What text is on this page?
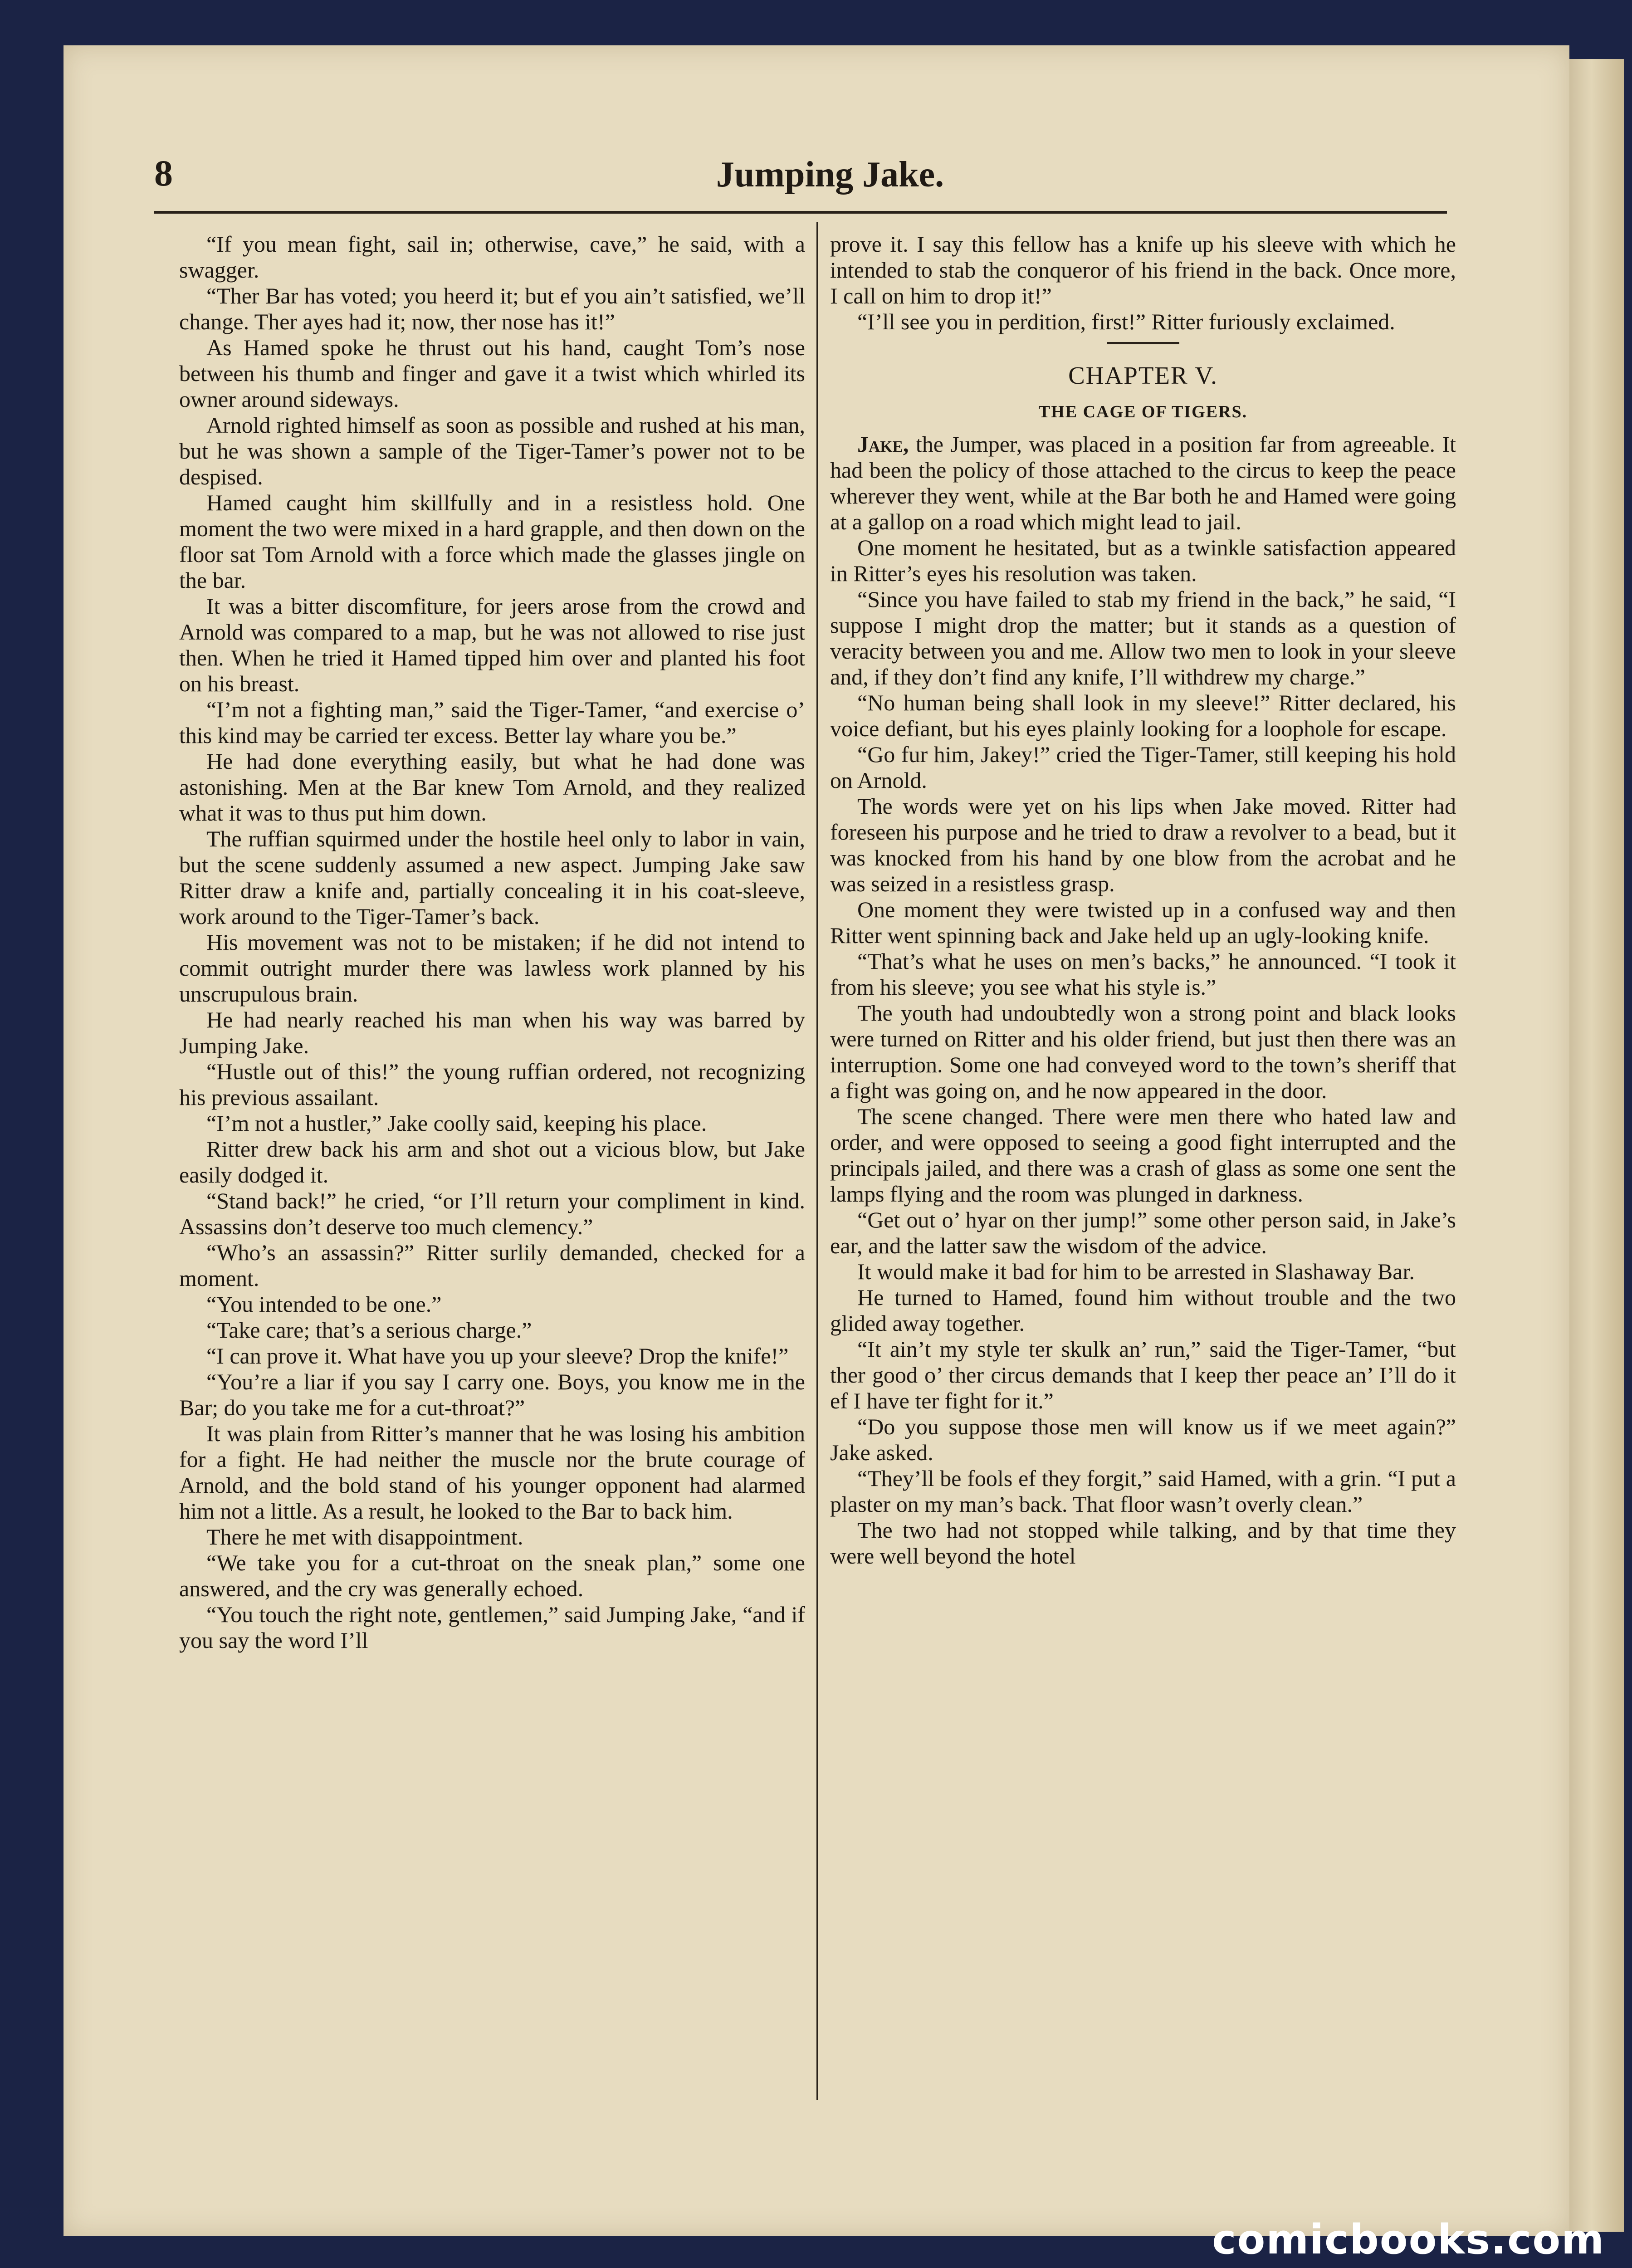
8	Jumping Jake.

“If you mean fight, sail in; otherwise, cave,” he said, with a swagger.

“Ther Bar has voted; you heerd it; but ef you ain’t satisfied, we’ll change. Ther ayes had it; now, ther nose has it!”

As Hamed spoke he thrust out his hand, caught Tom’s nose between his thumb and finger and gave it a twist which whirled its owner around sideways.

Arnold righted himself as soon as possible and rushed at his man, but he was shown a sample of the Tiger-Tamer’s power not to be despised.

Hamed caught him skillfully and in a resistless hold. One moment the two were mixed in a hard grapple, and then down on the floor sat Tom Arnold with a force which made the glasses jingle on the bar.

It was a bitter discomfiture, for jeers arose from the crowd and Arnold was compared to a map, but he was not allowed to rise just then. When he tried it Hamed tipped him over and planted his foot on his breast.

“I’m not a fighting man,” said the Tiger-Tamer, “and exercise o’ this kind may be carried ter excess. Better lay whare you be.”

He had done everything easily, but what he had done was astonishing. Men at the Bar knew Tom Arnold, and they realized what it was to thus put him down.

The ruffian squirmed under the hostile heel only to labor in vain, but the scene suddenly assumed a new aspect. Jumping Jake saw Ritter draw a knife and, partially concealing it in his coat-sleeve, work around to the Tiger-Tamer’s back.

His movement was not to be mistaken; if he did not intend to commit outright murder there was lawless work planned by his unscrupulous brain.

He had nearly reached his man when his way was barred by Jumping Jake.

“Hustle out of this!” the young ruffian ordered, not recognizing his previous assailant.

“I’m not a hustler,” Jake coolly said, keeping his place.

Ritter drew back his arm and shot out a vicious blow, but Jake easily dodged it.

“Stand back!” he cried, “or I’ll return your compliment in kind. Assassins don’t deserve too much clemency.”

“Who’s an assassin?” Ritter surlily demanded, checked for a moment.

“You intended to be one.”

“Take care; that’s a serious charge.”

“I can prove it. What have you up your sleeve? Drop the knife!”

“You’re a liar if you say I carry one. Boys, you know me in the Bar; do you take me for a cut-throat?”

It was plain from Ritter’s manner that he was losing his ambition for a fight. He had neither the muscle nor the brute courage of Arnold, and the bold stand of his younger opponent had alarmed him not a little. As a result, he looked to the Bar to back him.

There he met with disappointment.

“We take you for a cut-throat on the sneak plan,” some one answered, and the cry was generally echoed.

“You touch the right note, gentlemen,” said Jumping Jake, “and if you say the word I’ll

prove it. I say this fellow has a knife up his sleeve with which he intended to stab the conqueror of his friend in the back. Once more, I call on him to drop it!”

“I’ll see you in perdition, first!” Ritter furiously exclaimed.

CHAPTER V.
THE CAGE OF TIGERS.

Jake, the Jumper, was placed in a position far from agreeable. It had been the policy of those attached to the circus to keep the peace wherever they went, while at the Bar both he and Hamed were going at a gallop on a road which might lead to jail.

One moment he hesitated, but as a twinkle satisfaction appeared in Ritter’s eyes his resolution was taken.

“Since you have failed to stab my friend in the back,” he said, “I suppose I might drop the matter; but it stands as a question of veracity between you and me. Allow two men to look in your sleeve and, if they don’t find any knife, I’ll withdrew my charge.”

“No human being shall look in my sleeve!” Ritter declared, his voice defiant, but his eyes plainly looking for a loophole for escape.

“Go fur him, Jakey!” cried the Tiger-Tamer, still keeping his hold on Arnold.

The words were yet on his lips when Jake moved. Ritter had foreseen his purpose and he tried to draw a revolver to a bead, but it was knocked from his hand by one blow from the acrobat and he was seized in a resistless grasp.

One moment they were twisted up in a confused way and then Ritter went spinning back and Jake held up an ugly-looking knife.

“That’s what he uses on men’s backs,” he announced. “I took it from his sleeve; you see what his style is.”

The youth had undoubtedly won a strong point and black looks were turned on Ritter and his older friend, but just then there was an interruption. Some one had conveyed word to the town’s sheriff that a fight was going on, and he now appeared in the door.

The scene changed. There were men there who hated law and order, and were opposed to seeing a good fight interrupted and the principals jailed, and there was a crash of glass as some one sent the lamps flying and the room was plunged in darkness.

“Get out o’ hyar on ther jump!” some other person said, in Jake’s ear, and the latter saw the wisdom of the advice.

It would make it bad for him to be arrested in Slashaway Bar.

He turned to Hamed, found him without trouble and the two glided away together.

“It ain’t my style ter skulk an’ run,” said the Tiger-Tamer, “but ther good o’ ther circus demands that I keep ther peace an’ I’ll do it ef I have ter fight for it.”

“Do you suppose those men will know us if we meet again?” Jake asked.

“They’ll be fools ef they forgit,” said Hamed, with a grin. “I put a plaster on my man’s back. That floor wasn’t overly clean.”

The two had not stopped while talking, and by that time they were well beyond the hotel

comicbooks.com
